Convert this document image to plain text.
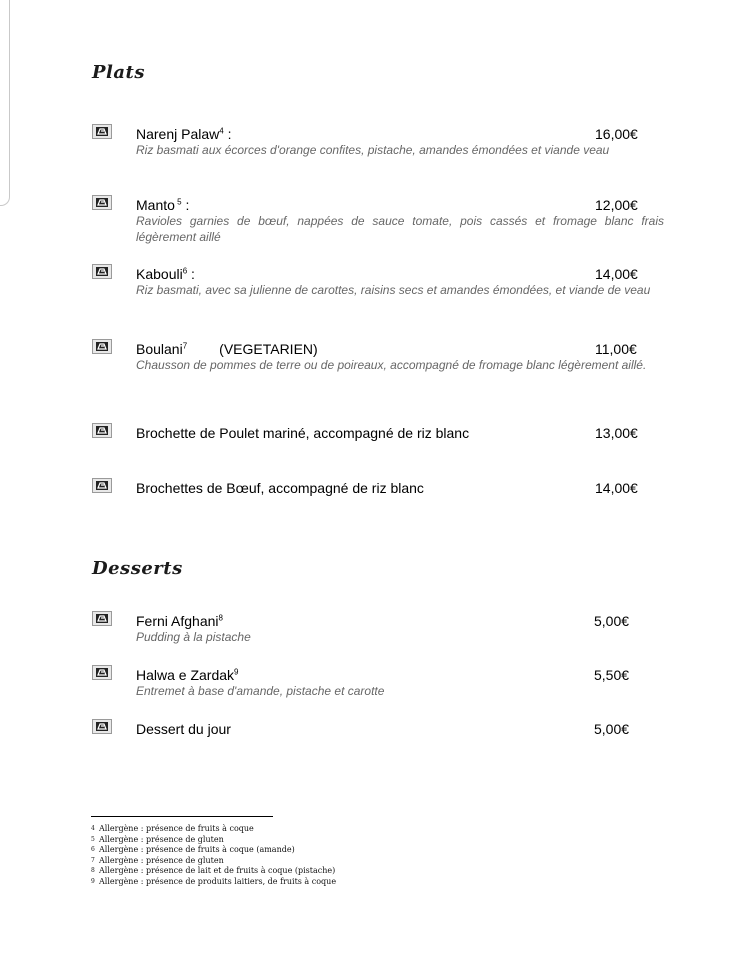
Plats
Narenj Palaw$^4$ :	16,00€
Riz basmati aux écorces d'orange confites, pistache, amandes émondées et viande veau
Manto $^5$ :	12,00€
Ravioles garnies de bœuf, nappées de sauce tomate, pois cassés et fromage blanc frais légèrement aillé
Kabouli$^6$ :	14,00€
Riz basmati, avec sa julienne de carottes, raisins secs et amandes émondées, et viande de veau
Boulani$^7$ (VEGETARIEN)	11,00€
Chausson de pommes de terre ou de poireaux, accompagné de fromage blanc légèrement aillé.
Brochette de Poulet mariné, accompagné de riz blanc	13,00€
Brochettes de Bœuf, accompagné de riz blanc	14,00€
Desserts
Ferni Afghani$^8$	5,00€
Pudding à la pistache
Halwa e Zardak$^9$	5,50€
Entremet à base d'amande, pistache et carotte
Dessert du jour	5,00€
4 Allergène : présence de fruits à coque
5 Allergène : présence de gluten
6 Allergène : présence de fruits à coque (amande)
7 Allergène : présence de gluten
8 Allergène : présence de lait et de fruits à coque (pistache)
9 Allergène : présence de produits laitiers, de fruits à coque
